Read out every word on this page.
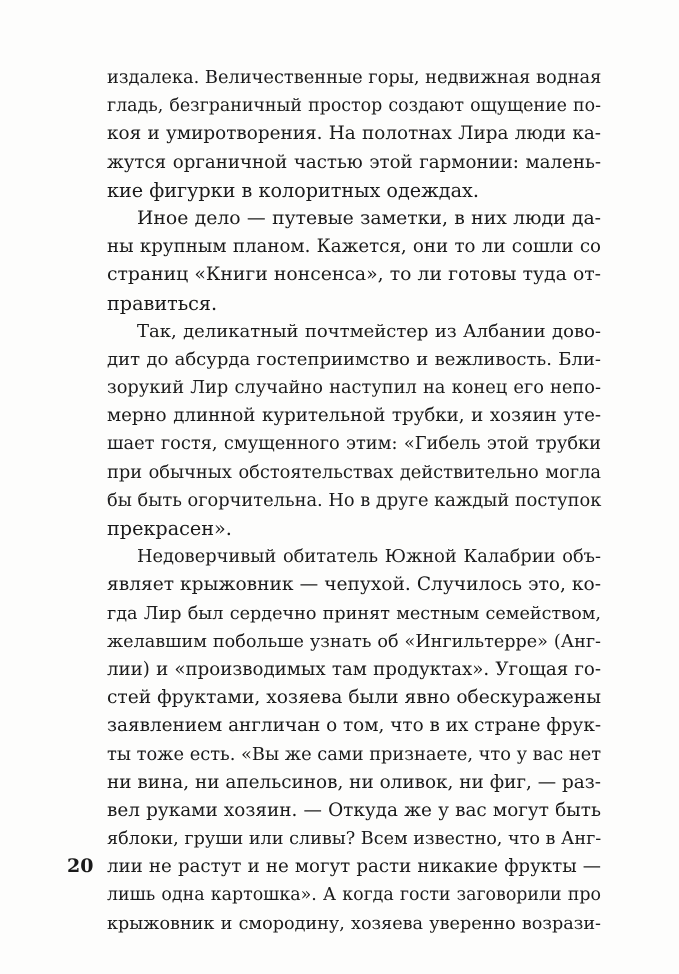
издалека. Величественные горы, недвижная водная
гладь, безграничный простор создают ощущение по-
коя и умиротворения. На полотнах Лира люди ка-
жутся органичной частью этой гармонии: малень-
кие фигурки в колоритных одеждах.
Иное дело — путевые заметки, в них люди да-
ны крупным планом. Кажется, они то ли сошли со
страниц «Книги нонсенса», то ли готовы туда от-
правиться.
Так, деликатный почтмейстер из Албании дово-
дит до абсурда гостеприимство и вежливость. Бли-
зорукий Лир случайно наступил на конец его непо-
мерно длинной курительной трубки, и хозяин уте-
шает гостя, смущенного этим: «Гибель этой трубки
при обычных обстоятельствах действительно могла
бы быть огорчительна. Но в друге каждый поступок
прекрасен».
Недоверчивый обитатель Южной Калабрии объ-
являет крыжовник — чепухой. Случилось это, ко-
гда Лир был сердечно принят местным семейством,
желавшим побольше узнать об «Ингильтерре» (Анг-
лии) и «производимых там продуктах». Угощая го-
стей фруктами, хозяева были явно обескуражены
заявлением англичан о том, что в их стране фрук-
ты тоже есть. «Вы же сами признаете, что у вас нет
ни вина, ни апельсинов, ни оливок, ни фиг, — раз-
вел руками хозяин. — Откуда же у вас могут быть
яблоки, груши или сливы? Всем известно, что в Анг-
лии не растут и не могут расти никакие фрукты —
лишь одна картошка». А когда гости заговорили про
крыжовник и смородину, хозяева уверенно возрази-
20
